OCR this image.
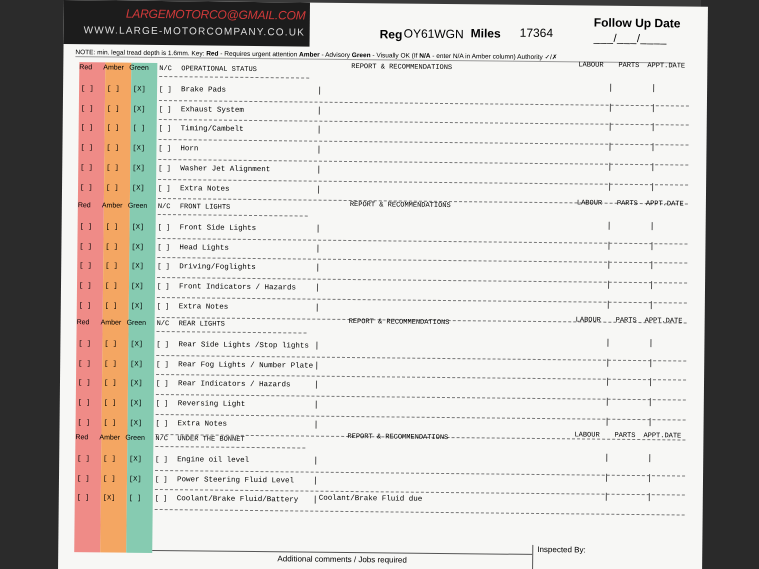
LARGEMOTORCO@GMAIL.COM
WWW.LARGE-MOTORCOMPANY.CO.UK	Reg OY61WGN Miles 17364
Follow Up Date
___/___/____
NOTE: min. legal tread depth is 1.6mm. Key: Red - Requires urgent attention Amber - Advisory Green - Visually OK (If N/A - enter N/A in Amber column) Authority ✓/✗
Red Amber Green N/C OPERATIONAL STATUS	REPORT & RECOMMENDATIONS	LABOUR PARTS APPT.DATE
[ ] [ ] [X] [ ] Brake Pads
[ ] [ ] [X] [ ] Exhaust System
[ ] [ ] [ ] [ ] Timing/Cambelt
[ ] [ ] [X] [ ] Horn
[ ] [ ] [X] [ ] Washer Jet Alignment
[ ] [ ] [X] [ ] Extra Notes
Red Amber Green N/C FRONT LIGHTS	REPORT & RECOMMENDATIONS	LABOUR PARTS APPT.DATE
[ ] [ ] [X] [ ] Front Side Lights
[ ] [ ] [X] [ ] Head Lights
[ ] [ ] [X] [ ] Driving/Foglights
[ ] [ ] [X] [ ] Front Indicators / Hazards
[ ] [ ] [X] [ ] Extra Notes
Red Amber Green N/C REAR LIGHTS	REPORT & RECOMMENDATIONS	LABOUR PARTS APPT.DATE
[ ] [ ] [X] [ ] Rear Side Lights /Stop lights
[ ] [ ] [X] [ ] Rear Fog Lights / Number Plate
[ ] [ ] [X] [ ] Rear Indicators / Hazards
[ ] [ ] [X] [ ] Reversing Light
[ ] [ ] [X] [ ] Extra Notes
Red Amber Green N/C UNDER THE BONNET	REPORT & RECOMMENDATIONS	LABOUR PARTS APPT.DATE
[ ] [ ] [X] [ ] Engine oil level
[ ] [ ] [X] [ ] Power Steering Fluid Level
[ ] [X] [ ] [ ] Coolant/Brake Fluid/Battery	Coolant/Brake Fluid due
Additional comments / Jobs required
Inspected By:
